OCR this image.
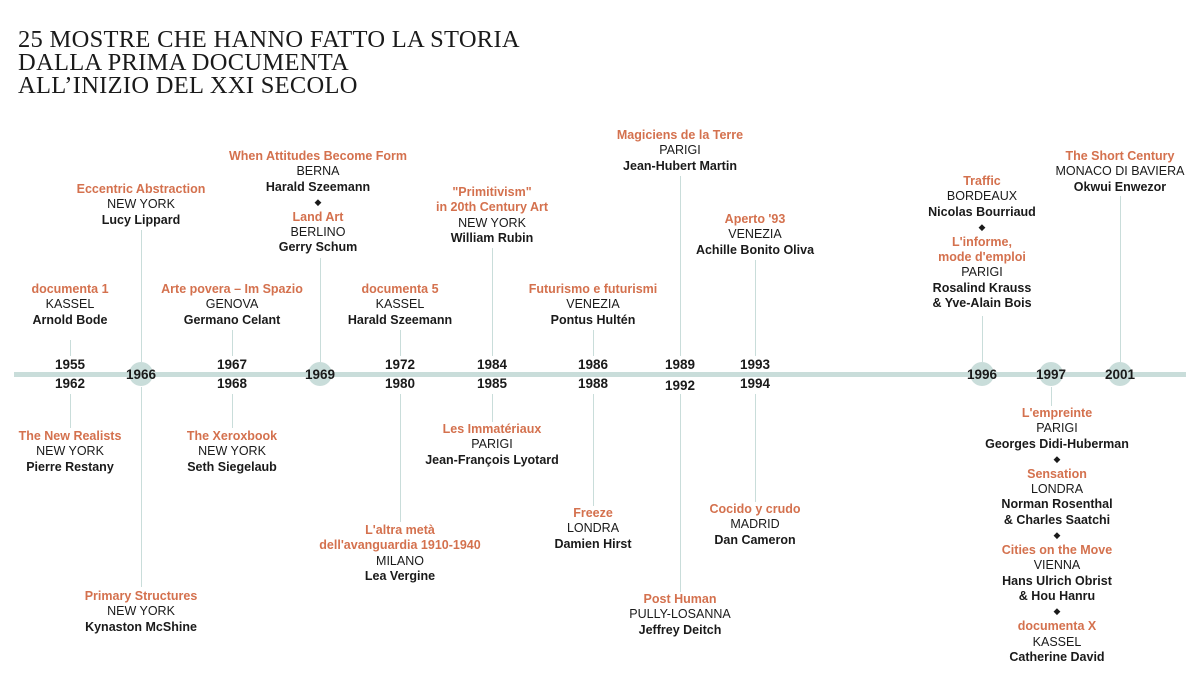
25 MOSTRE CHE HANNO FATTO LA STORIA
DALLA PRIMA DOCUMENTA
ALL’INIZIO DEL XXI SECOLO
1955
1962
1966
1967
1968
1969
1972
1980
1984
1985
1986
1988
1989
1992
1993
1994
1996	1997	2001
documenta 1
KASSEL
Arnold Bode
Eccentric Abstraction
NEW YORK
Lucy Lippard
Arte povera – Im Spazio
GENOVA
Germano Celant
When Attitudes Become Form
BERNA
Harald Szeemann
◆
Land Art
BERLINO
Gerry Schum
documenta 5
KASSEL
Harald Szeemann
"Primitivism"
in 20th Century Art
NEW YORK
William Rubin
Futurismo e futurismi
VENEZIA
Pontus Hultén
Magiciens de la Terre
PARIGI
Jean-Hubert Martin
Aperto '93
VENEZIA
Achille Bonito Oliva
Traffic
BORDEAUX
Nicolas Bourriaud
◆
L'informe,
mode d'emploi
PARIGI
Rosalind Krauss
& Yve-Alain Bois
The Short Century
MONACO DI BAVIERA
Okwui Enwezor
The New Realists
NEW YORK
Pierre Restany
Primary Structures
NEW YORK
Kynaston McShine
The Xeroxbook
NEW YORK
Seth Siegelaub
L'altra metà
dell'avanguardia 1910-1940
MILANO
Lea Vergine
Les Immatériaux
PARIGI
Jean-François Lyotard
Freeze
LONDRA
Damien Hirst
Post Human
PULLY-LOSANNA
Jeffrey Deitch
Cocido y crudo
MADRID
Dan Cameron
L'empreinte
PARIGI
Georges Didi-Huberman
◆
Sensation
LONDRA
Norman Rosenthal
& Charles Saatchi
◆
Cities on the Move
VIENNA
Hans Ulrich Obrist
& Hou Hanru
◆
documenta X
KASSEL
Catherine David
